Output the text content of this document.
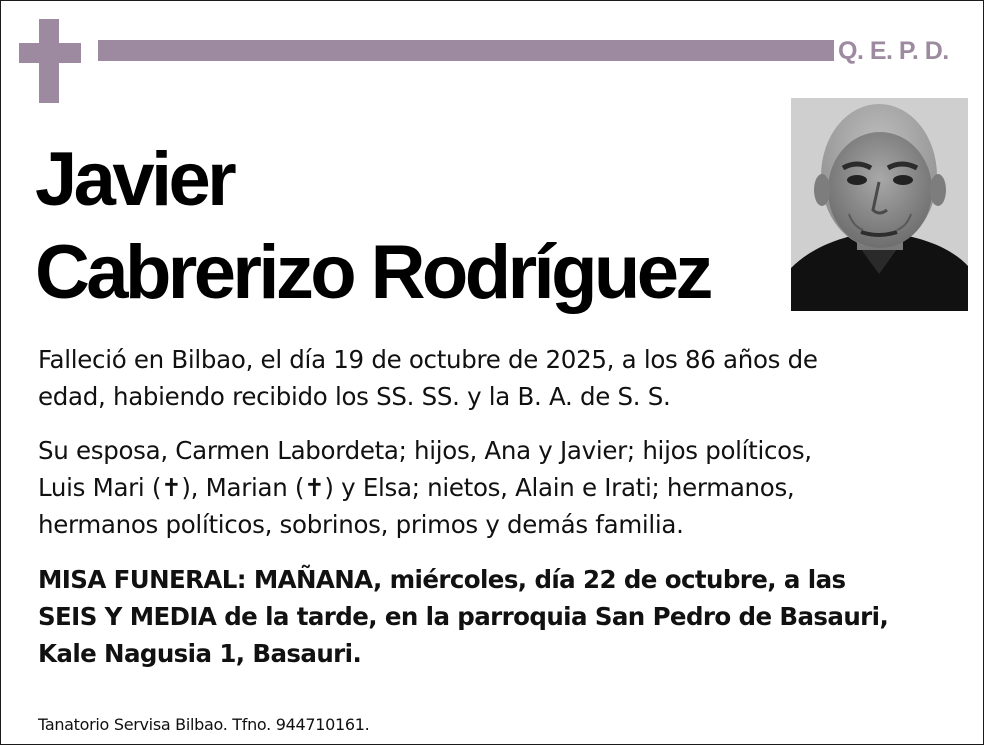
Q. E. P. D.
Javier
Cabrerizo Rodríguez
Falleció en Bilbao, el día 19 de octubre de 2025, a los 86 años de
edad, habiendo recibido los SS. SS. y la B. A. de S. S.
Su esposa, Carmen Labordeta; hijos, Ana y Javier; hijos políticos,
Luis Mari (✝), Marian (✝) y Elsa; nietos, Alain e Irati; hermanos,
hermanos políticos, sobrinos, primos y demás familia.
MISA FUNERAL: MAÑANA, miércoles, día 22 de octubre, a las
SEIS Y MEDIA de la tarde, en la parroquia San Pedro de Basauri,
Kale Nagusia 1, Basauri.
Tanatorio Servisa Bilbao. Tfno. 944710161.
